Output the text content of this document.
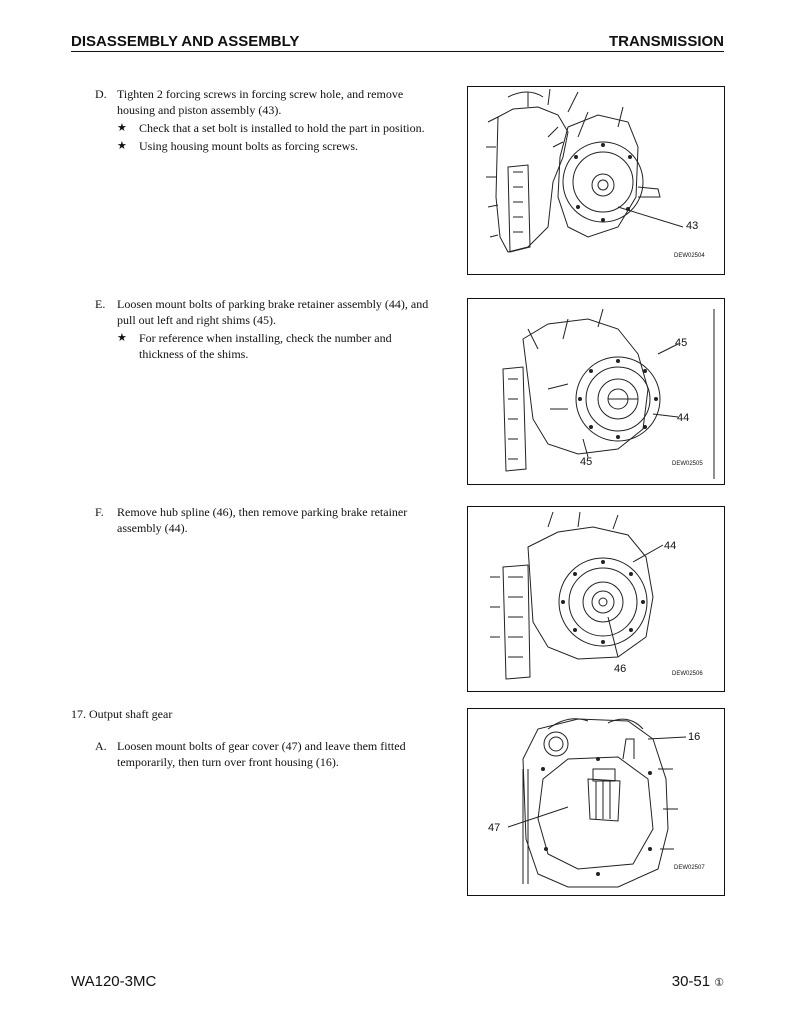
DISASSEMBLY AND ASSEMBLY	TRANSMISSION
D. Tighten 2 forcing screws in forcing screw hole, and remove
housing and piston assembly (43).
★ Check that a set bolt is installed to hold the part in position.
★ Using housing mount bolts as forcing screws.
E. Loosen mount bolts of parking brake retainer assembly (44), and
pull out left and right shims (45).
★ For reference when installing, check the number and
thickness of the shims.
F. Remove hub spline (46), then remove parking brake retainer
assembly (44).
17. Output shaft gear
A. Loosen mount bolts of gear cover (47) and leave them fitted
temporarily, then turn over front housing (16).
43
DEW02504
45
44
45	DEW02505
44
46	DEW02506
16
47
DEW02507
WA120-3MC	30-51 ①
